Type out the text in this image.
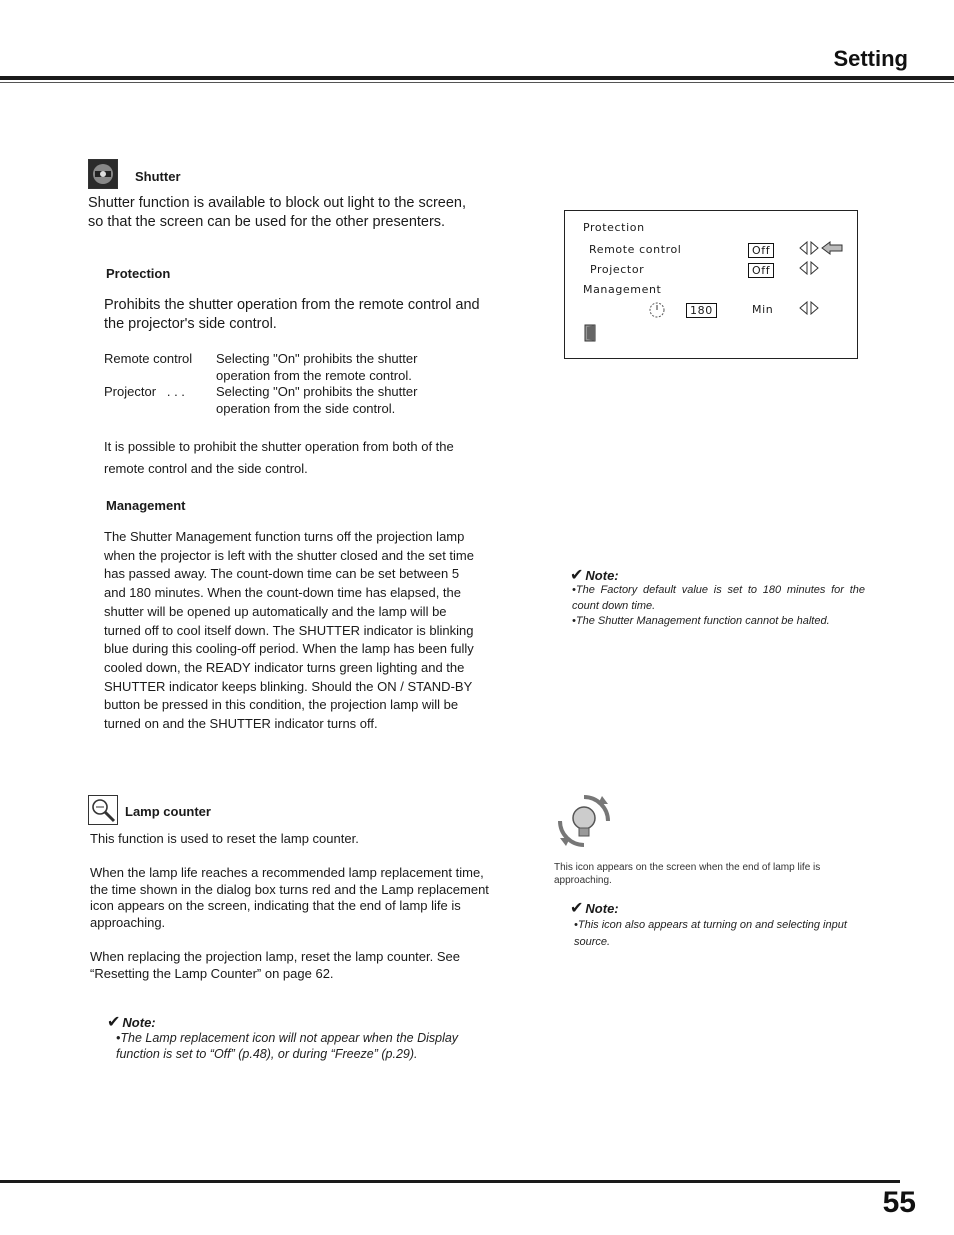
Setting
Shutter
Shutter function is available to block out light to the screen, so that the screen can be used for the other presenters.
Protection
Prohibits the shutter operation from the remote control and the projector's side control.
Remote control	Selecting "On" prohibits the shutter operation from the remote control.
Projector   . . .	Selecting "On" prohibits the shutter operation from the side control.
It is possible to prohibit the shutter operation from both of the remote control and the side control.
Management
The Shutter Management function turns off the projection lamp when the projector is left with the shutter closed and the set time has passed away. The count-down time can be set between 5 and 180 minutes. When the count-down time has elapsed, the shutter will be opened up automatically and the lamp will be turned off to cool itself down. The SHUTTER indicator is blinking blue during this cooling-off period. When the lamp has been fully cooled down, the READY indicator turns green lighting and the SHUTTER indicator keeps blinking. Should the ON / STAND-BY button be pressed in this condition, the projection lamp will be turned on and the SHUTTER indicator turns off.
Protection
Remote control	Off
Projector	Off
Management
180	Min
✔ Note:
•The Factory default value is set to 180 minutes for the count down time.
•The Shutter Management function cannot be halted.
Lamp counter
This function is used to reset the lamp counter.
When the lamp life reaches a recommended lamp replacement time, the time shown in the dialog box turns red and the Lamp replacement icon appears on the screen, indicating that the end of lamp life is approaching.
When replacing the projection lamp, reset the lamp counter. See “Resetting the Lamp Counter” on page 62.
✔ Note:
•The Lamp replacement icon will not appear when the Display function is set to “Off” (p.48), or during “Freeze” (p.29).
This icon appears on the screen when the end of lamp life is approaching.
✔ Note:
•This icon also appears at turning on and selecting input source.
55
